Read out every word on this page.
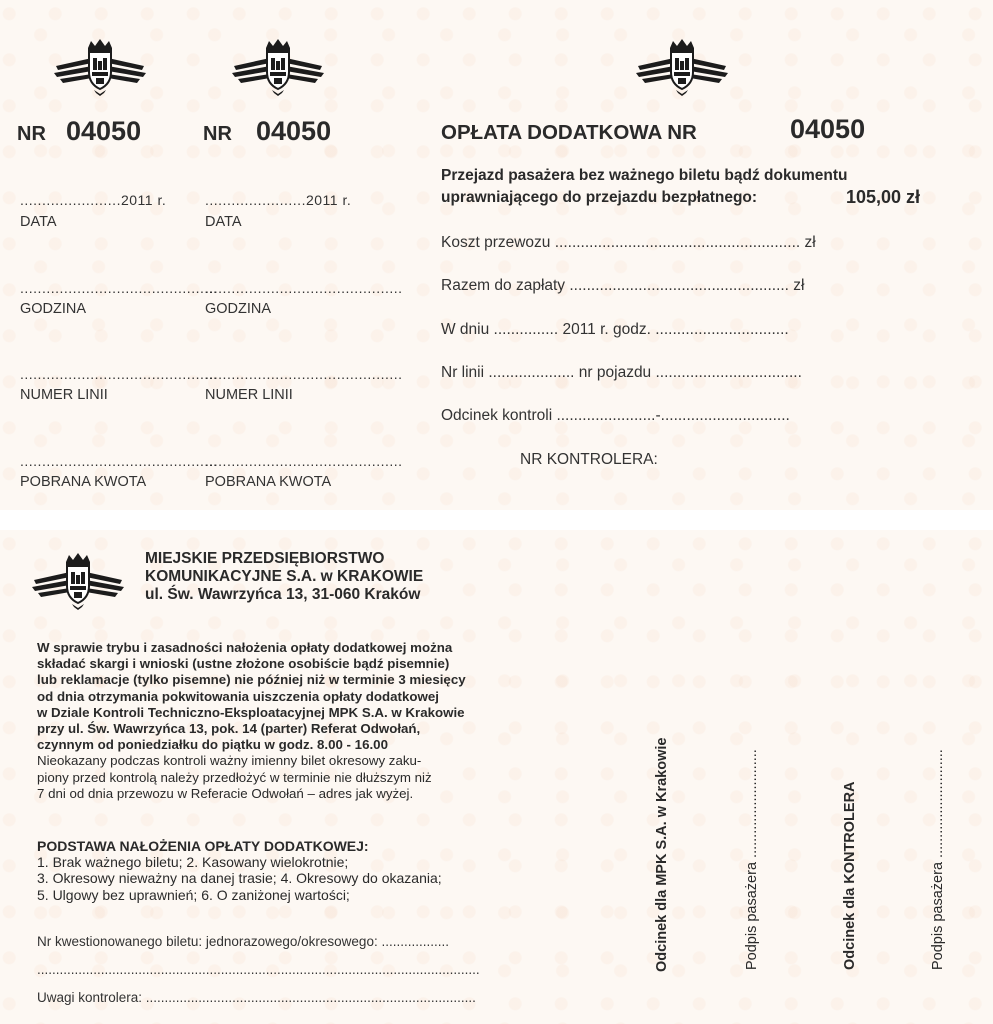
NR 04050
.......................2011 r.
DATA
.............................................
GODZINA
.............................................
NUMER LINII
.............................................
POBRANA KWOTA
NR 04050
.......................2011 r.
DATA
.............................................
GODZINA
.............................................
NUMER LINII
.............................................
POBRANA KWOTA
OPŁATA DODATKOWA NR	04050
Przejazd pasażera bez ważnego biletu bądź dokumentu
uprawniającego do przejazdu bezpłatnego:	105,00 zł
Koszt przewozu ......................................................... zł
Razem do zapłaty ................................................... zł
W dniu ............... 2011 r. godz. ...............................
Nr linii .................... nr pojazdu ..................................
Odcinek kontroli .......................-..............................
NR KONTROLERA:
MIEJSKIE PRZEDSIĘBIORSTWO
KOMUNIKACYJNE S.A. w KRAKOWIE
ul. Św. Wawrzyńca 13, 31-060 Kraków
W sprawie trybu i zasadności nałożenia opłaty dodatkowej można
składać skargi i wnioski (ustne złożone osobiście bądź pisemnie)
lub reklamacje (tylko pisemne) nie później niż w terminie 3 miesięcy
od dnia otrzymania pokwitowania uiszczenia opłaty dodatkowej
w Dziale Kontroli Techniczno-Eksploatacyjnej MPK S.A. w Krakowie
przy ul. Św. Wawrzyńca 13, pok. 14 (parter) Referat Odwołań,
czynnym od poniedziałku do piątku w godz. 8.00 - 16.00
Nieokazany podczas kontroli ważny imienny bilet okresowy zaku-
piony przed kontrolą należy przedłożyć w terminie nie dłuższym niż
7 dni od dnia przewozu w Referacie Odwołań – adres jak wyżej.
PODSTAWA NAŁOŻENIA OPŁATY DODATKOWEJ:
1. Brak ważnego biletu; 2. Kasowany wielokrotnie;
3. Okresowy nieważny na danej trasie; 4. Okresowy do okazania;
5. Ulgowy bez uprawnień; 6. O zaniżonej wartości;
Nr kwestionowanego biletu: jednorazowego/okresowego: ..................
......................................................................................................................
Uwagi kontrolera: ........................................................................................
Odcinek dla MPK S.A. w Krakowie	Podpis pasażera ...........................	Odcinek dla KONTROLERA	Podpis pasażera ...........................
